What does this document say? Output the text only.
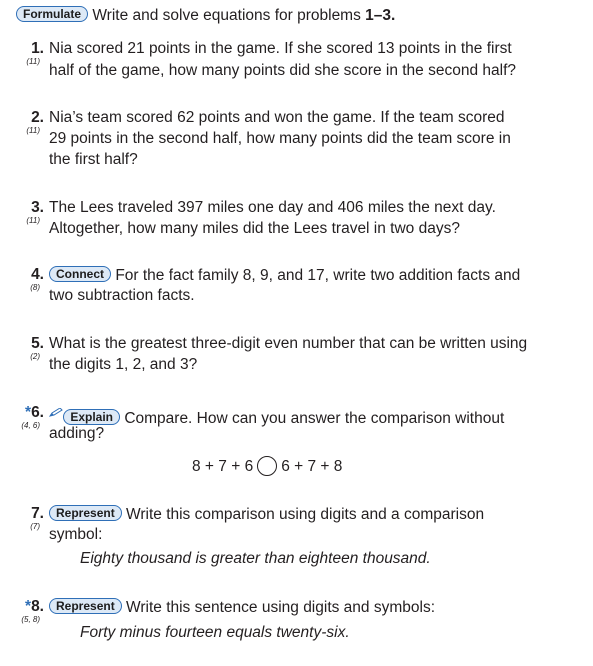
Formulate Write and solve equations for problems 1–3.
1.
(11)
Nia scored 21 points in the game. If she scored 13 points in the first
half of the game, how many points did she score in the second half?
2.
(11)
Nia’s team scored 62 points and won the game. If the team scored
29 points in the second half, how many points did the team score in
the first half?
3.
(11)
The Lees traveled 397 miles one day and 406 miles the next day.
Altogether, how many miles did the Lees travel in two days?
4.
(8)
Connect For the fact family 8, 9, and 17, write two addition facts and
two subtraction facts.
5.
(2)
What is the greatest three-digit even number that can be written using
the digits 1, 2, and 3?
*6.
(4, 6)
Explain Compare. How can you answer the comparison without
adding?
8 + 7 + 6 6 + 7 + 8
7.
(7)
Represent Write this comparison using digits and a comparison
symbol:
Eighty thousand is greater than eighteen thousand.
*8.
(5, 8)
Represent Write this sentence using digits and symbols:
Forty minus fourteen equals twenty-six.
